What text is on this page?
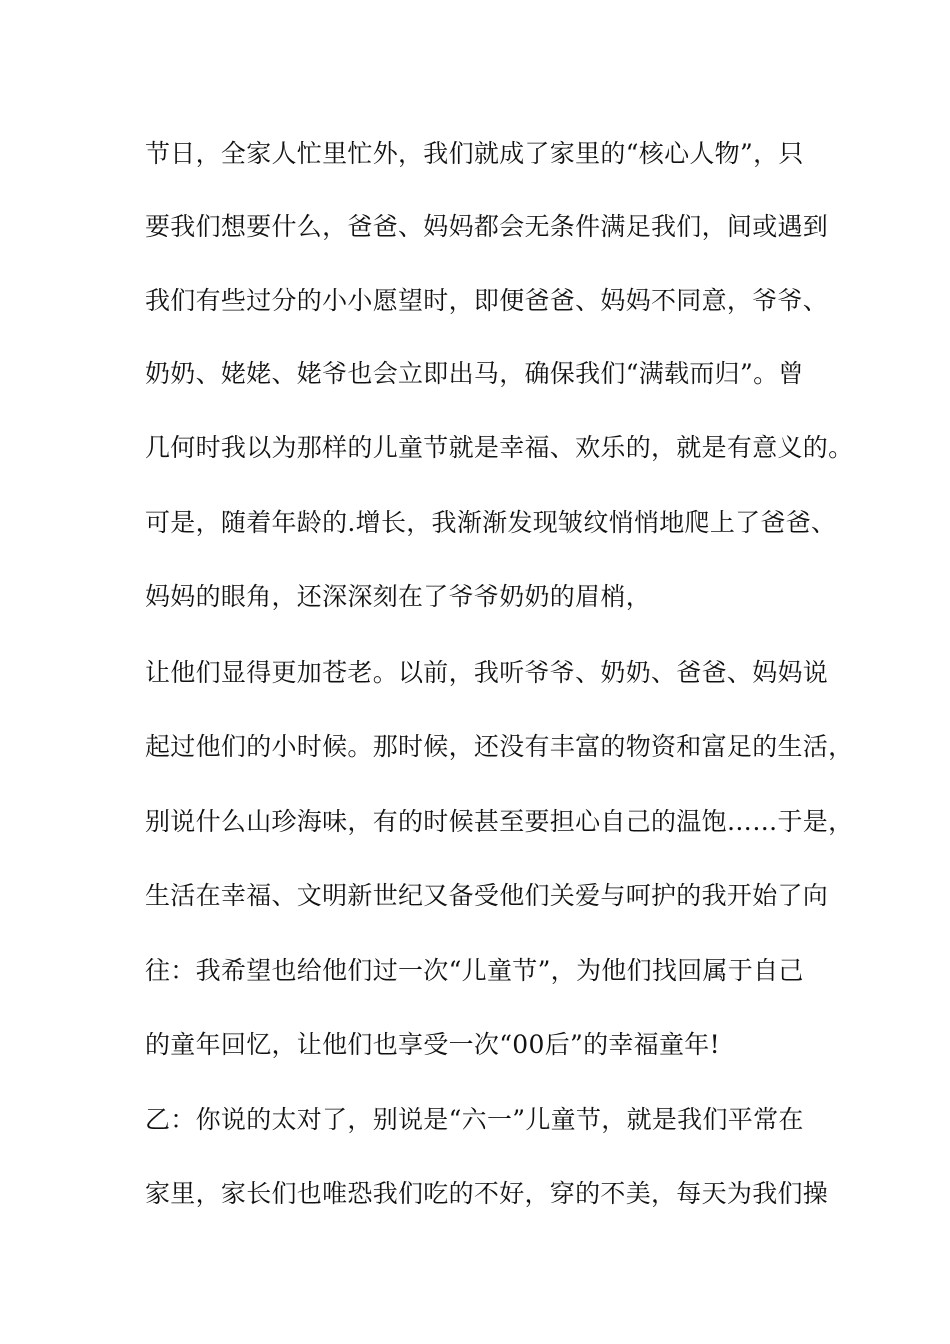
节日，全家人忙里忙外，我们就成了家里的“核心人物”，只
要我们想要什么，爸爸、妈妈都会无条件满足我们，间或遇到
我们有些过分的小小愿望时，即便爸爸、妈妈不同意，爷爷、
奶奶、姥姥、姥爷也会立即出马，确保我们“满载而归”。曾
几何时我以为那样的儿童节就是幸福、欢乐的，就是有意义的。
可是，随着年龄的.增长，我渐渐发现皱纹悄悄地爬上了爸爸、
妈妈的眼角，还深深刻在了爷爷奶奶的眉梢，
让他们显得更加苍老。以前，我听爷爷、奶奶、爸爸、妈妈说
起过他们的小时候。那时候，还没有丰富的物资和富足的生活，
别说什么山珍海味，有的时候甚至要担心自己的温饱……于是，
生活在幸福、文明新世纪又备受他们关爱与呵护的我开始了向
往：我希望也给他们过一次“儿童节”，为他们找回属于自己
的童年回忆，让他们也享受一次“00后”的幸福童年!
乙：你说的太对了，别说是“六一”儿童节，就是我们平常在
家里，家长们也唯恐我们吃的不好，穿的不美，每天为我们操
